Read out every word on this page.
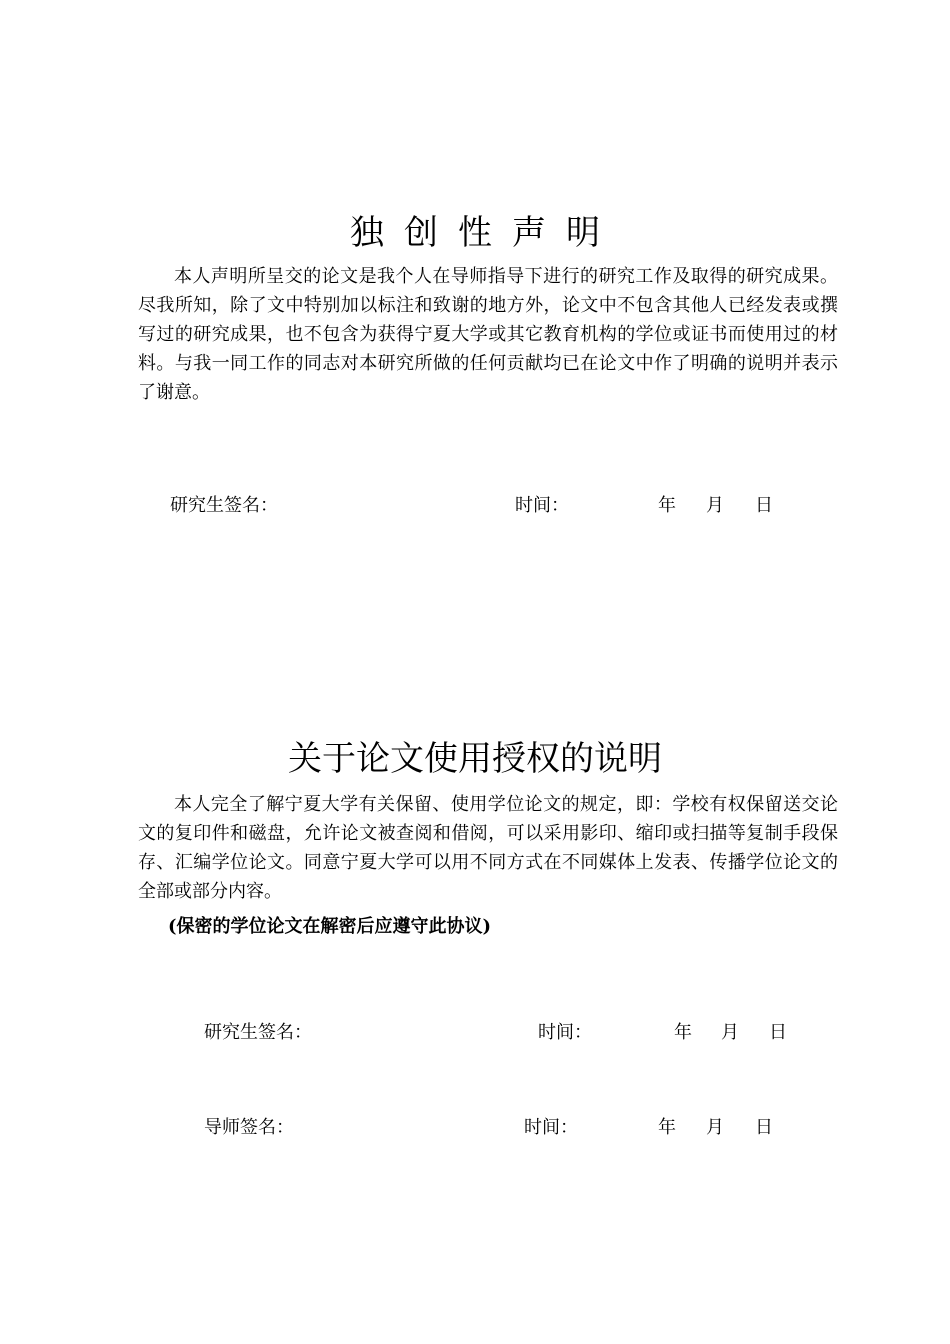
独创性声明
本人声明所呈交的论文是我个人在导师指导下进行的研究工作及取得的研究成果。尽我所知，除了文中特别加以标注和致谢的地方外，论文中不包含其他人已经发表或撰写过的研究成果，也不包含为获得宁夏大学或其它教育机构的学位或证书而使用过的材料。与我一同工作的同志对本研究所做的任何贡献均已在论文中作了明确的说明并表示了谢意。
研究生签名：	时间：	年 月 日
关于论文使用授权的说明
本人完全了解宁夏大学有关保留、使用学位论文的规定，即：学校有权保留送交论文的复印件和磁盘，允许论文被查阅和借阅，可以采用影印、缩印或扫描等复制手段保存、汇编学位论文。同意宁夏大学可以用不同方式在不同媒体上发表、传播学位论文的全部或部分内容。
(保密的学位论文在解密后应遵守此协议)
研究生签名：	时间：	年 月 日
导师签名：	时间：	年 月 日
